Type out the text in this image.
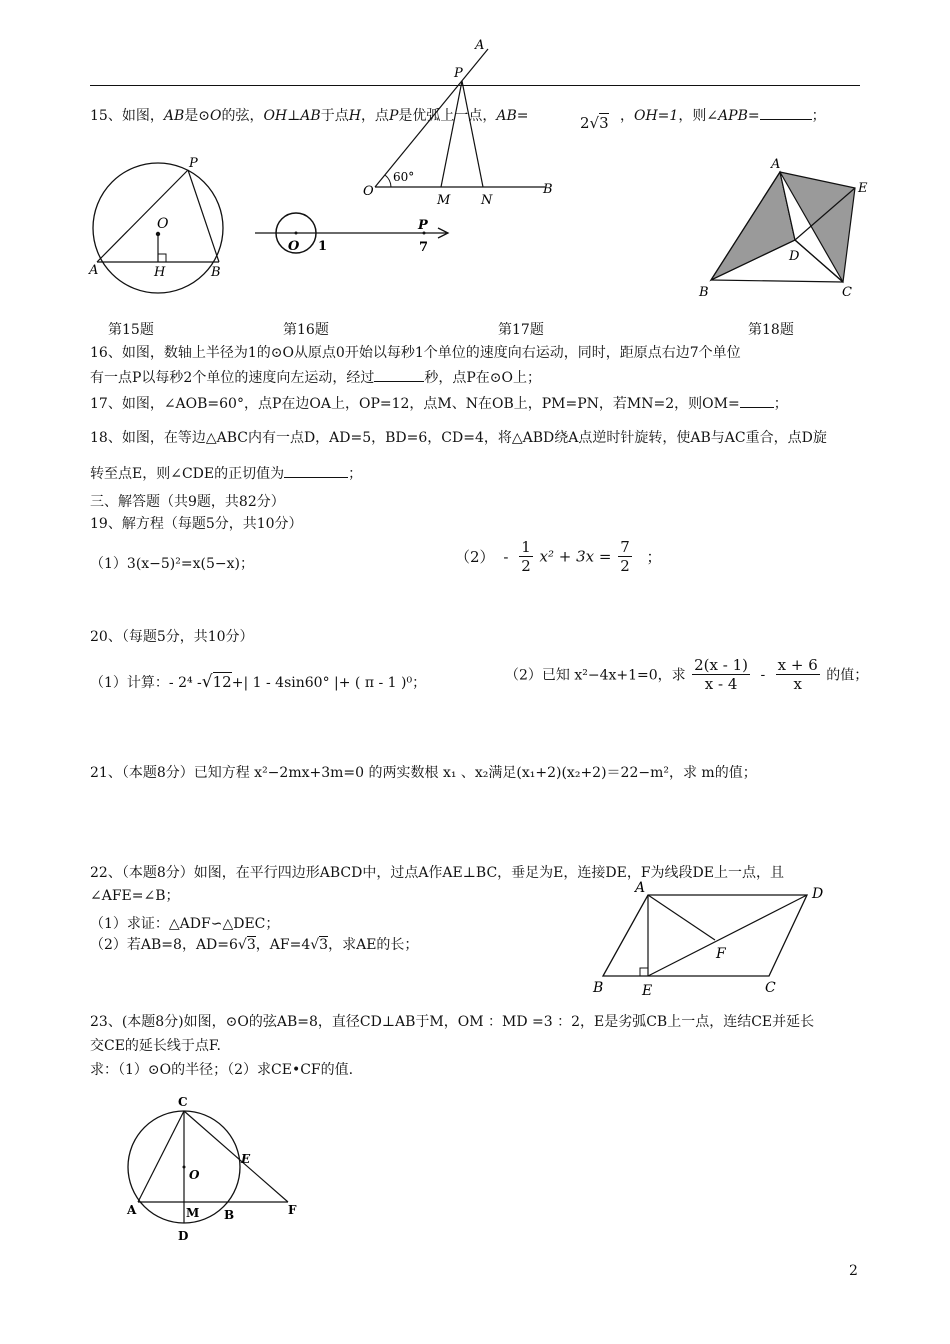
15、如图，AB是⊙O的弦，OH⊥AB于点H，点P是优弧上一点，AB=	2√3 ，OH=1，则∠APB=	；
A
P
O
60°
M N
B
P
O
A	H	B
O 1
P
7
A
E
D
B	C
第15题	第16题	第17题	第18题
16、如图，数轴上半径为1的⊙O从原点0开始以每秒1个单位的速度向右运动，同时，距原点右边7个单位
有一点P以每秒2个单位的速度向左运动，经过	秒，点P在⊙O上；
17、如图，∠AOB=60°，点P在边OA上，OP=12，点M、N在OB上，PM=PN，若MN=2，则OM= ；
18、如图，在等边△ABC内有一点D，AD=5，BD=6，CD=4，将△ABD绕A点逆时针旋转，使AB与AC重合，点D旋
转至点E，则∠CDE的正切值为	；
三、解答题（共9题，共82分）
19、解方程（每题5分，共10分）
（1）3(x−5)²=x(5−x)；	$(2) - \frac{1}{2} x^2 + 3x = \frac{7}{2}$ ；
20、（每题5分，共10分）
（1）计算：- 2⁴ -√12+| 1 - 4sin60° |+ ( π - 1 )⁰；	（2）已知 x²−4x+1=0，求 $\frac{2(x - 1)}{x - 4} - \frac{x + 6}{x}$ 的值；
21、（本题8分）已知方程 x²−2mx+3m=0 的两实数根 x₁ 、x₂满足(x₁+2)(x₂+2)＝22−m²，求 m的值；
22、（本题8分）如图，在平行四边形ABCD中，过点A作AE⊥BC，垂足为E，连接DE，F为线段DE上一点，且
∠AFE=∠B；
（1）求证：△ADF∽△DEC；
（2）若AB=8，AD=6√3，AF=4√3，求AE的长；
A	D
F
B	E	C
23、(本题8分)如图，⊙O的弦AB=8，直径CD⊥AB于M，OM ：MD =3 ：2，E是劣弧CB上一点，连结CE并延长
交CE的延长线于点F.
求：（1）⊙O的半径；（2）求CE•CF的值.
C
O
E
A	M B	F
D
2
